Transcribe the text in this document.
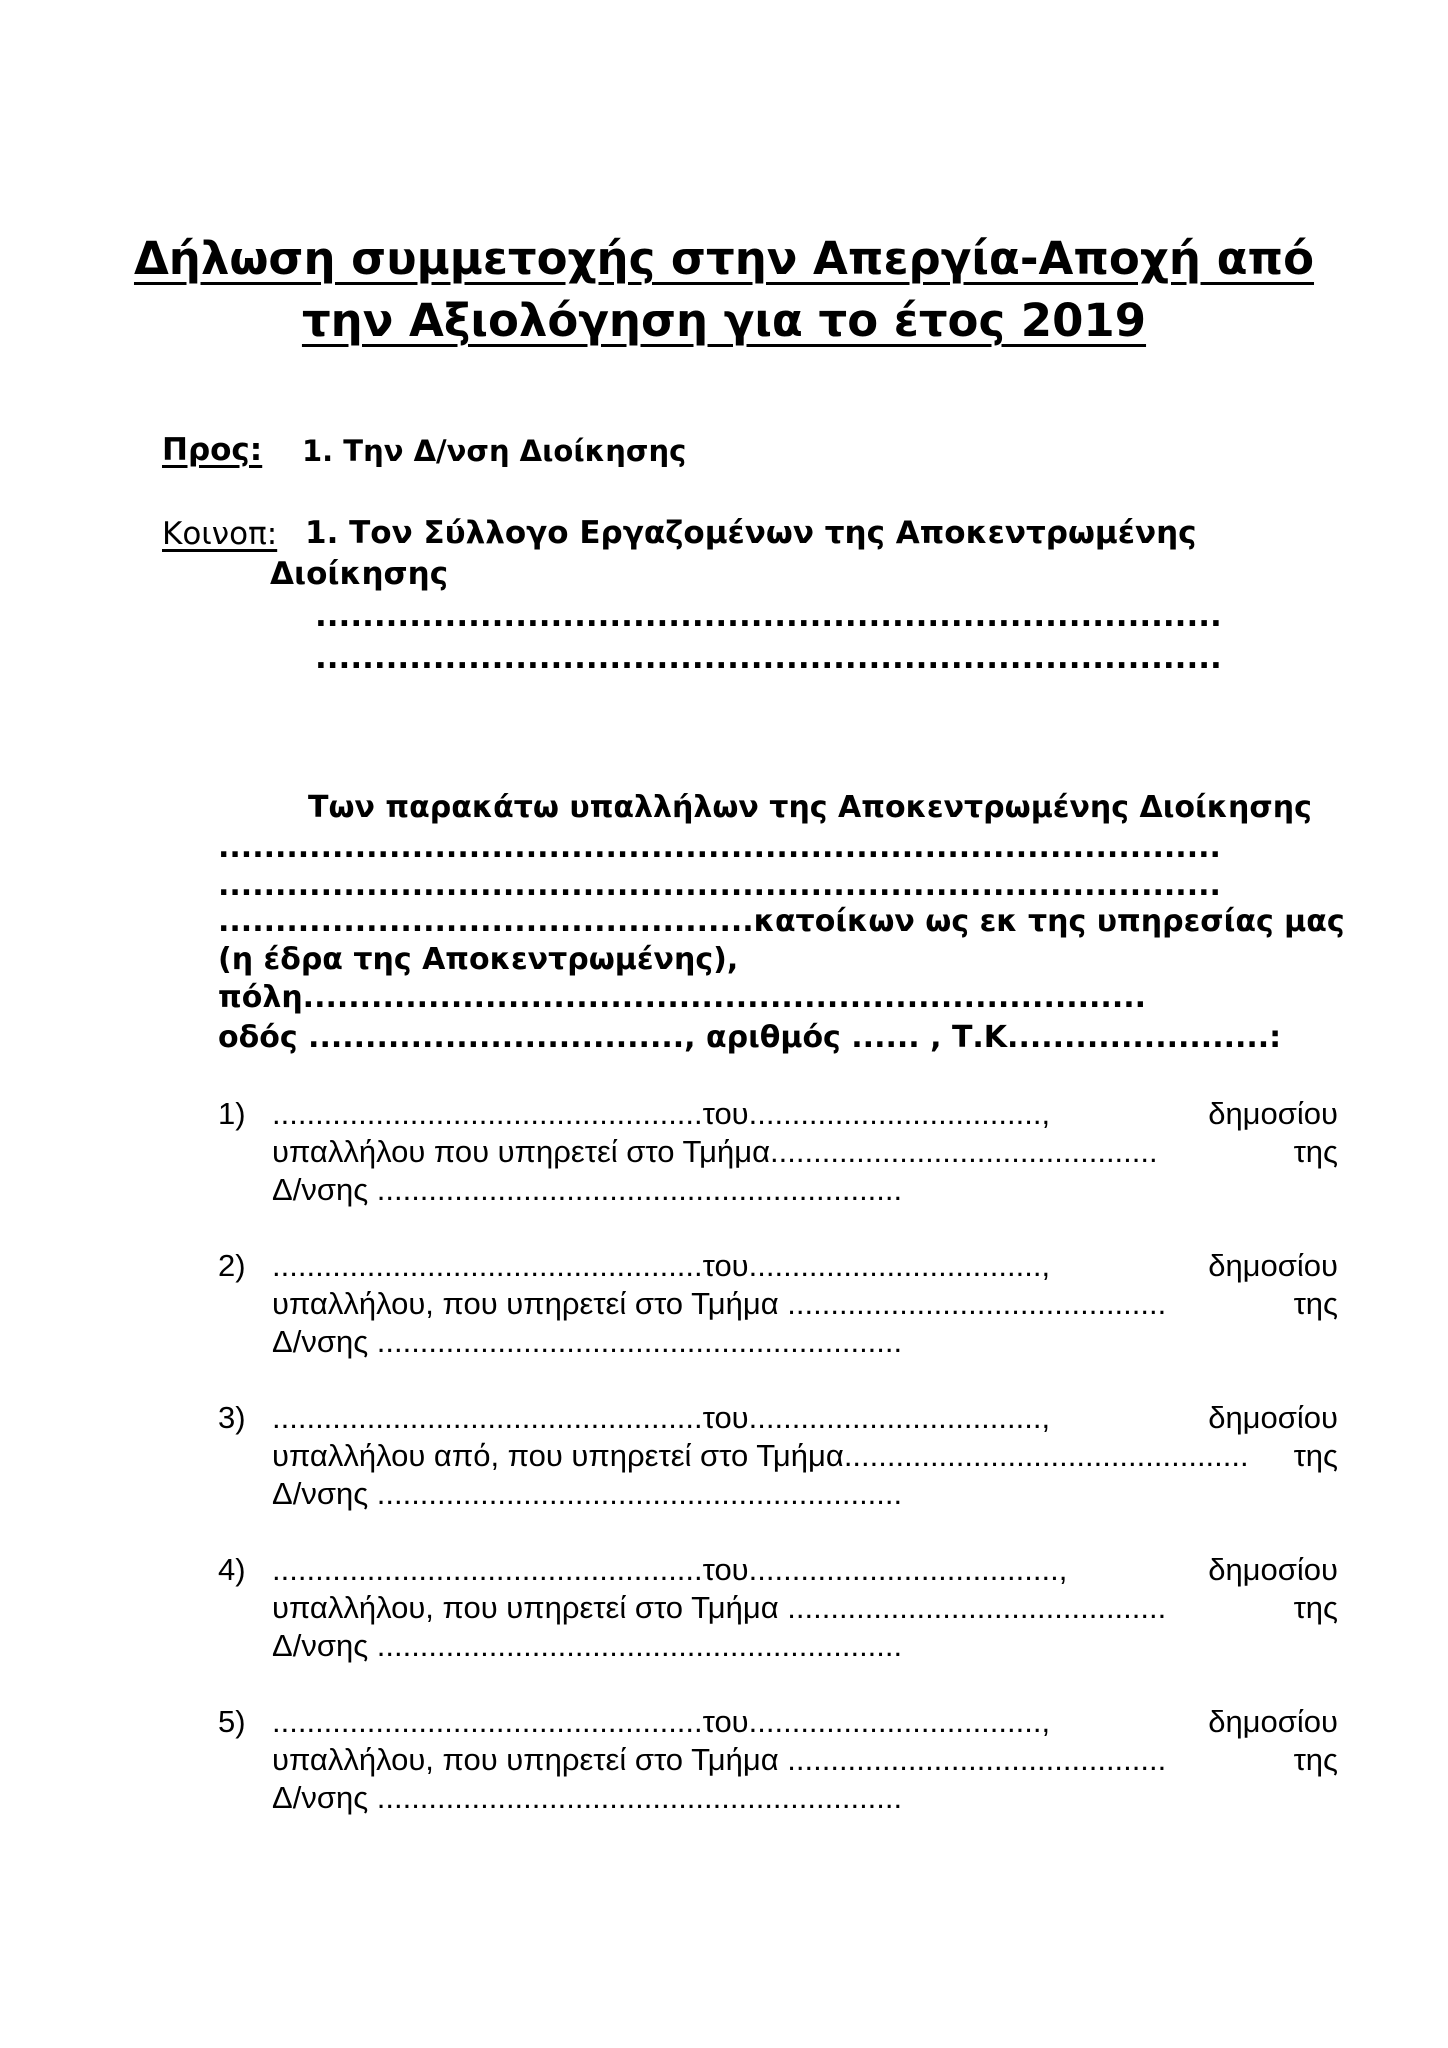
Δήλωση συμμετοχής στην Απεργία-Αποχή από
την Αξιολόγηση για το έτος 2019
Προς: 1. Την Δ/νση Διοίκησης
Κοινοπ: 1. Τον Σύλλογο Εργαζομένων της Αποκεντρωμένης
Διοίκησης
.............................................................................
.............................................................................
Των παρακάτω υπαλλήλων της Αποκεντρωμένης Διοίκησης
........................................................................................
........................................................................................
...............................................κατοίκων ως εκ της υπηρεσίας μας
(η έδρα της Αποκεντρωμένης),
πόλη..........................................................................
οδός ................................., αριθμός ...... , Τ.Κ.......................:
1) ..................................................του..................................,	δημοσίου
υπαλλήλου που υπηρετεί στο Τμήμα.............................................	της
Δ/νσης .............................................................
2) ..................................................του..................................,	δημοσίου
υπαλλήλου, που υπηρετεί στο Τμήμα ............................................	της
Δ/νσης .............................................................
3) ..................................................του..................................,	δημοσίου
υπαλλήλου από, που υπηρετεί στο Τμήμα............................................... της
Δ/νσης .............................................................
4) ..................................................του....................................,	δημοσίου
υπαλλήλου, που υπηρετεί στο Τμήμα ............................................	της
Δ/νσης .............................................................
5) ..................................................του..................................,	δημοσίου
υπαλλήλου, που υπηρετεί στο Τμήμα ............................................	της
Δ/νσης .............................................................
